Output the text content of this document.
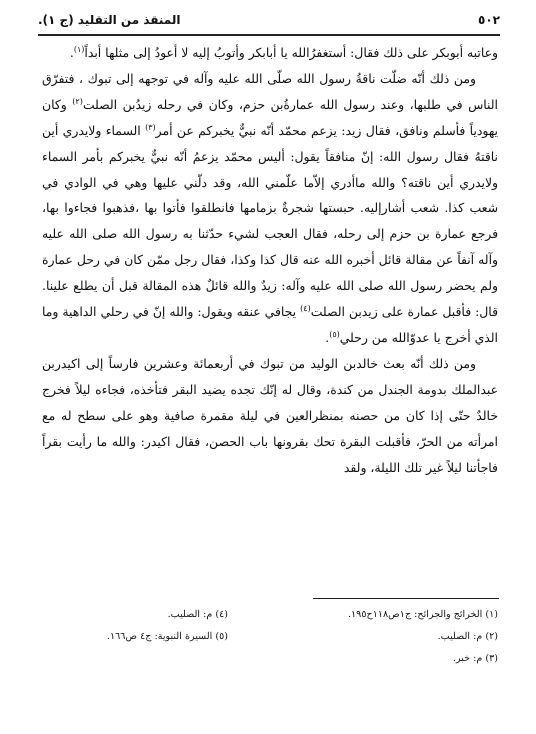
٥٠٢
المنقذ من التقليد (ج ١).

وعاتبه أبوبكر على ذلك فقال: أستغفرُالله يا أبابكر وأتوبُ إليه لا أعودُ إلى مثلها أبداً$^{(١)}$.

ومن ذلك أنّه ضلّت ناقةُ رسول الله صلّى الله عليه وآله في توجهه إلى تبوك ، فتفرّق الناس في طلبها، وعند رسول الله عمارةُبن حزم، وكان في رحله زيدُبن الصلت$^{(٢)}$ وكان يهودياً فأسلم ونافق، فقال زيد: يزعم محمّد أنّه نبيٌّ يخبركم عن أمر$^{(٣)}$ السماء ولايدري أين ناقتهُ فقال رسول الله: إنّ منافقاً يقول: أليس محمّد يزعمُ أنّه نبيٌّ يخبركم بأمر السماء ولايدري أين ناقته؟ والله ماأدري إلاّما علّمني الله، وقد دلّني عليها وهي في الوادي في شعب كذا. شعب أشارإليه. حبستها شجرةٌ بزمامها فانطلقوا فأتوا بها ،فذهبوا فجاءوا بها، فرجع عمارة بن حزم إلى رحله، فقال العجب لشيء حدّثنا به رسول الله صلى الله عليه وآله آنفاً عن مقالة قائل أخبره الله عنه قال كذا وكذا، فقال رجل ممّن كان في رحل عمارة ولم يحضر رسول الله صلى الله عليه وآله: زيدٌ والله قائلٌ هذه المقالة قبل أن يطلع علينا. قال: فأقبل عمارة على زيدبن الصلت$^{(٤)}$ يجافي عنقه ويقول: والله إنّ في رحلي الداهية وما الذي أخرج يا عدوّالله من رحلي$^{(٥)}$.

ومن ذلك أنّه بعث خالدبن الوليد من تبوك في أربعمائة وعشرين فارساً إلى اكيدربن عبدالملك بدومة الجندل من كندة، وقال له إنّك تجده يضيد البقر فتأخذه، فجاءه ليلاً فخرج خالدٌ حتّى إذا كان من حصنه بمنظرالعين في ليلة مقمرة صافية وهو على سطح له مع امرأته من الحرّ، فأقبلت البقرة تحك بقرونها باب الحصن، فقال اكيدر: والله ما رأيت بقراً فاجأتنا ليلاً غير تلك الليلة، ولقد

(١) الخرائج والجرائح: ج١ص١١٨ح١٩٥.
(٤) م: الصليب.
(٢) م: الصليب.
(٥) السيرة النبوية: ج٤ ص١٦٦.
(٣) م: خبر.
